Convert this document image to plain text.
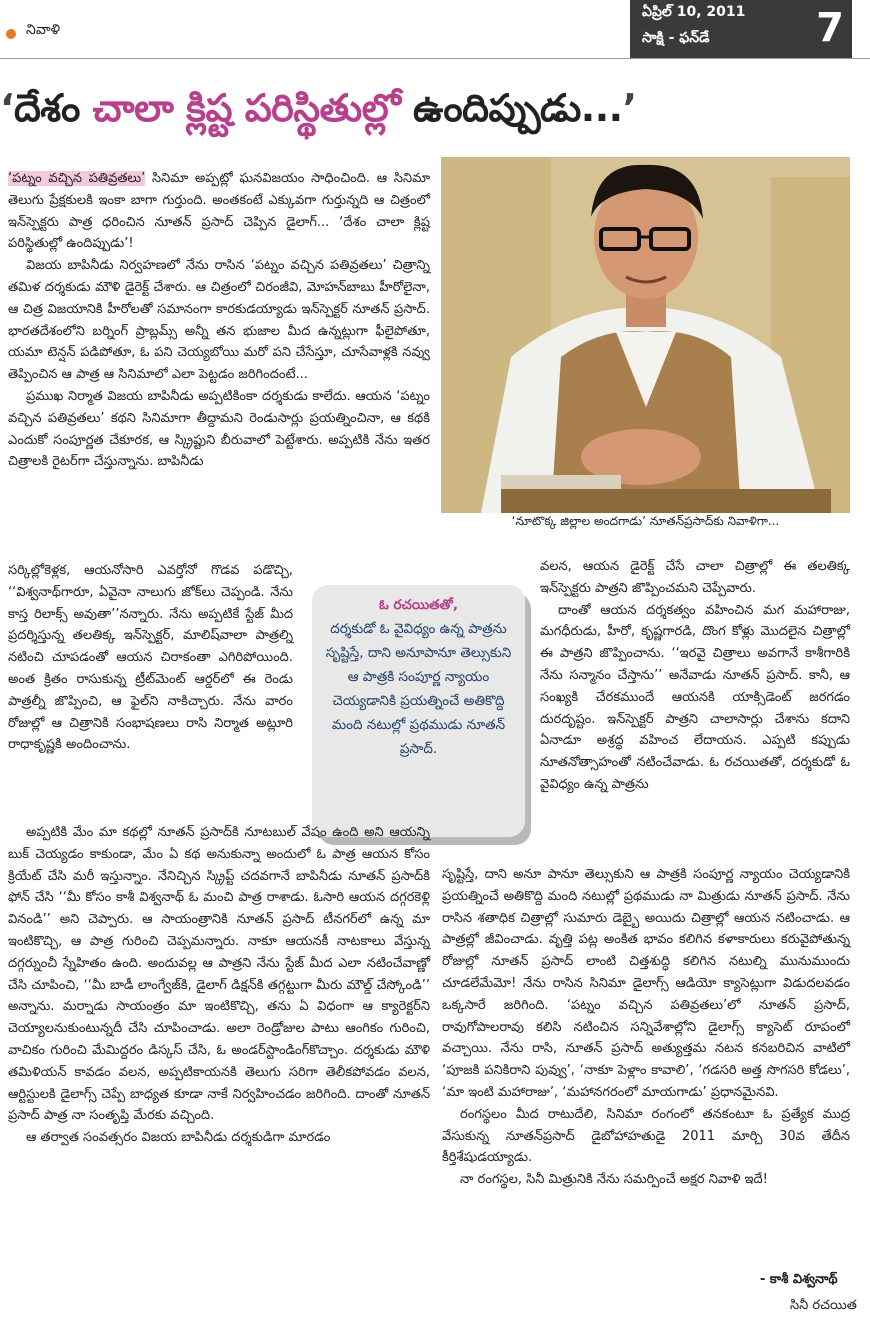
నివాళి
ఏప్రిల్ 10, 2011
సాక్షి - ఫన్‌డే	7
‘దేశం చాలా క్లిష్ట పరిస్థితుల్లో ఉందిప్పుడు...’
‘నూటొక్క జిల్లాల అందగాడు’ నూతన్‌ప్రసాద్‌కు నివాళిగా...

‘పట్నం వచ్చిన పతివ్రతలు’ సినిమా అప్పట్లో ఘనవిజయం సాధించింది. ఆ సినిమా తెలుగు ప్రేక్షకులకి ఇంకా బాగా గుర్తుంది. అంతకంటే ఎక్కువగా గుర్తున్నది ఆ చిత్రంలో ఇన్‌స్పెక్టరు పాత్ర ధరించిన నూతన్ ప్రసాద్ చెప్పిన డైలాగ్... ‘దేశం చాలా క్లిష్ట పరిస్థితుల్లో ఉందిప్పుడు’!

విజయ బాపినీడు నిర్వహణలో నేను రాసిన ‘పట్నం వచ్చిన పతివ్రతలు’ చిత్రాన్ని తమిళ దర్శకుడు మౌళి డైరెక్ట్ చేశారు. ఆ చిత్రంలో చిరంజీవి, మోహన్‌బాబు హీరోలైనా, ఆ చిత్ర విజయానికి హీరోలతో సమానంగా కారకుడయ్యాడు ఇన్‌స్పెక్టర్ నూతన్ ప్రసాద్. భారతదేశంలోని బర్నింగ్ ప్రాబ్లమ్స్ అన్నీ తన భుజాల మీద ఉన్నట్లుగా ఫీలైపోతూ, యమా టెన్షన్ పడిపోతూ, ఓ పని చెయ్యబోయి మరో పని చేసేస్తూ, చూసేవాళ్లకి నవ్వు తెప్పించిన ఆ పాత్ర ఆ సినిమాలో ఎలా పెట్టడం జరిగిందంటే...

ప్రముఖ నిర్మాత విజయ బాపినీడు అప్పటికింకా దర్శకుడు కాలేదు. ఆయన ‘పట్నం వచ్చిన పతివ్రతలు’ కథని సినిమాగా తీద్దామని రెండుసార్లు ప్రయత్నించినా, ఆ కథకి ఎందుకో సంపూర్ణత చేకూరక, ఆ స్క్రిప్టుని బీరువాలో పెట్టేశారు. అప్పటికి నేను ఇతర చిత్రాలకి రైటర్‌గా చేస్తున్నాను. బాపినీడు

సర్కిల్లోకెళ్లక, ఆయనోసారి ఎవర్తోనో గొడవ పడొచ్చి, ‘‘విశ్వనాథ్‌గారూ, ఏవైనా నాలుగు జోక్‌లు చెప్పండి. నేను కాస్త రిలాక్స్ అవుతా’’నన్నారు. నేను అప్పటికే స్టేజ్ మీద ప్రదర్శిస్తున్న తలతిక్క ఇన్‌స్పెక్టర్, మాలిష్‌వాలా పాత్రల్ని నటించి చూపడంతో ఆయన చిరాకంతా ఎగిరిపోయింది. అంత క్రితం రాసుకున్న ట్రీట్‌మెంట్ ఆర్డర్‌లో ఈ రెండు పాత్రల్నీ జొప్పించి, ఆ ఫైల్‌ని నాకిచ్చారు. నేను వారం రోజుల్లో ఆ చిత్రానికి సంభాషణలు రాసి నిర్మాత అట్లూరి రాధాకృష్ణకి అందించాను.

ఓ రచయితతో,
దర్శకుడో ఓ వైవిధ్యం ఉన్న పాత్రను సృష్టిస్తే, దాని అనూపానూ తెల్సుకుని ఆ పాత్రకి సంపూర్ణ న్యాయం చెయ్యడానికి ప్రయత్నించే అతికొద్ది మంది నటుల్లో ప్రథముడు నూతన్ ప్రసాద్.

అప్పటికి మేం మా కథల్లో నూతన్ ప్రసాద్‌కి నూటబుల్ వేషం ఉంది అని ఆయన్ని బుక్ చెయ్యడం కాకుండా, మేం ఏ కథ అనుకున్నా అందులో ఓ పాత్ర ఆయన కోసం క్రియేట్ చేసి మరీ ఇస్తున్నాం. నేనిచ్చిన స్క్రిప్ట్ చదవగానే బాపినీడు నూతన్ ప్రసాద్‌కి ఫోన్ చేసి ‘‘మీ కోసం కాశీ విశ్వనాథ్ ఓ మంచి పాత్ర రాశాడు. ఓసారి ఆయన దగ్గరకెళ్లి వినండి’’ అని చెప్పారు. ఆ సాయంత్రానికి నూతన్ ప్రసాద్ టీనగర్‌లో ఉన్న మా ఇంటికొచ్చి, ఆ పాత్ర గురించి చెప్పమన్నారు. నాకూ ఆయనకీ నాటకాలు వేస్తున్న దగ్గర్నుంచీ స్నేహితం ఉంది. అందువల్ల ఆ పాత్రని నేను స్టేజ్ మీద ఎలా నటించేవాణ్ణో చేసి చూపించి, ‘‘మీ బాడీ లాంగ్వేజ్‌కి, డైలాగ్ డిక్షన్‌కి తగ్గట్టుగా మీరు మౌల్డ్ చేస్కోండి’’ అన్నాను. మర్నాడు సాయంత్రం మా ఇంటికొచ్చి, తను ఏ విధంగా ఆ క్యారెక్టర్‌ని చెయ్యాలనుకుంటున్నదీ చేసి చూపించాడు. అలా రెండ్రోజుల పాటు ఆంగికం గురించి, వాచికం గురించి మేమిద్దరం డిస్కస్ చేసి, ఓ అండర్‌స్టాండింగ్‌కొచ్చాం. దర్శకుడు మౌళి తమిళియన్ కావడం వలన, అప్పటికాయనకి తెలుగు సరిగా తెలీకపోవడం వలన, ఆర్టిస్టులకి డైలాగ్స్ చెప్పే బాధ్యత కూడా నాకే నిర్వహించడం జరిగింది. దాంతో నూతన్ ప్రసాద్ పాత్ర నా సంతృప్తి మేరకు వచ్చింది.

ఆ తర్వాత సంవత్సరం విజయ బాపినీడు దర్శకుడిగా మారడం

వలన, ఆయన డైరెక్ట్ చేసే చాలా చిత్రాల్లో ఈ తలతిక్క ఇన్‌స్పెక్టరు పాత్రని జొప్పించమని చెప్పేవారు.

దాంతో ఆయన దర్శకత్వం వహించిన మగ మహారాజు, మగధీరుడు, హీరో, కృష్ణగారడి, దొంగ కోళ్లు మొదలైన చిత్రాల్లో ఈ పాత్రని జొప్పించాను. ‘‘ఇరవై చిత్రాలు అవగానే కాశీగారికి నేను సన్మానం చేస్తాను’’ అనేవాడు నూతన్ ప్రసాద్. కానీ, ఆ సంఖ్యకి చేరకముందే ఆయనకి యాక్సిడెంట్ జరగడం దురదృష్టం. ఇన్‌స్పెక్టర్ పాత్రని చాలాసార్లు చేశాను కదాని ఏనాడూ అశ్రద్ధ వహించ లేదాయన. ఎప్పటి కప్పుడు నూతనోత్సాహంతో నటించేవాడు. ఓ రచయితతో, దర్శకుడో ఓ వైవిధ్యం ఉన్న పాత్రను

సృష్టిస్తే, దాని అనూ పానూ తెల్సుకుని ఆ పాత్రకి సంపూర్ణ న్యాయం చెయ్యడానికి ప్రయత్నించే అతికొద్ది మంది నటుల్లో ప్రథముడు నా మిత్రుడు నూతన్ ప్రసాద్. నేను రాసిన శతాధిక చిత్రాల్లో సుమారు డెబ్బై అయిదు చిత్రాల్లో ఆయన నటించాడు. ఆ పాత్రల్లో జీవించాడు. వృత్తి పట్ల అంకిత భావం కలిగిన కళాకారులు కరువైపోతున్న రోజుల్లో నూతన్ ప్రసాద్ లాంటి చిత్తశుద్ధి కలిగిన నటుల్ని మునుముందు చూడలేమేమో! నేను రాసిన సినిమా డైలాగ్స్ ఆడియో క్యాసెట్లుగా విడుదలవడం ఒక్కసారే జరిగింది. ‘పట్నం వచ్చిన పతివ్రతలు’లో నూతన్ ప్రసాద్, రావుగోపాలరావు కలిసి నటించిన సన్నివేశాల్లోని డైలాగ్స్ క్యాసెట్ రూపంలో వచ్చాయి. నేను రాసి, నూతన్ ప్రసాద్ అత్యుత్తమ నటన కనబరిచిన వాటిలో ‘పూజకి పనికిరాని పువ్వు’, ‘నాకూ పెళ్లాం కావాలి’, ‘గడసరి అత్త సొగసరి కోడలు’, ‘మా ఇంటి మహారాజు’, ‘మహానగరంలో మాయగాడు’ ప్రధానమైనవి.

రంగస్థలం మీద రాటుదేలి, సినిమా రంగంలో తనకంటూ ఓ ప్రత్యేక ముద్ర వేసుకున్న నూతన్‌ప్రసాద్ డైబోహాహతుడై 2011 మార్చి 30వ తేదీన కీర్తిశేషుడయ్యాడు.

నా రంగస్థల, సినీ మిత్రునికి నేను సమర్పించే అక్షర నివాళి ఇదే!

- కాశీ విశ్వనాథ్
సినీ రచయిత
